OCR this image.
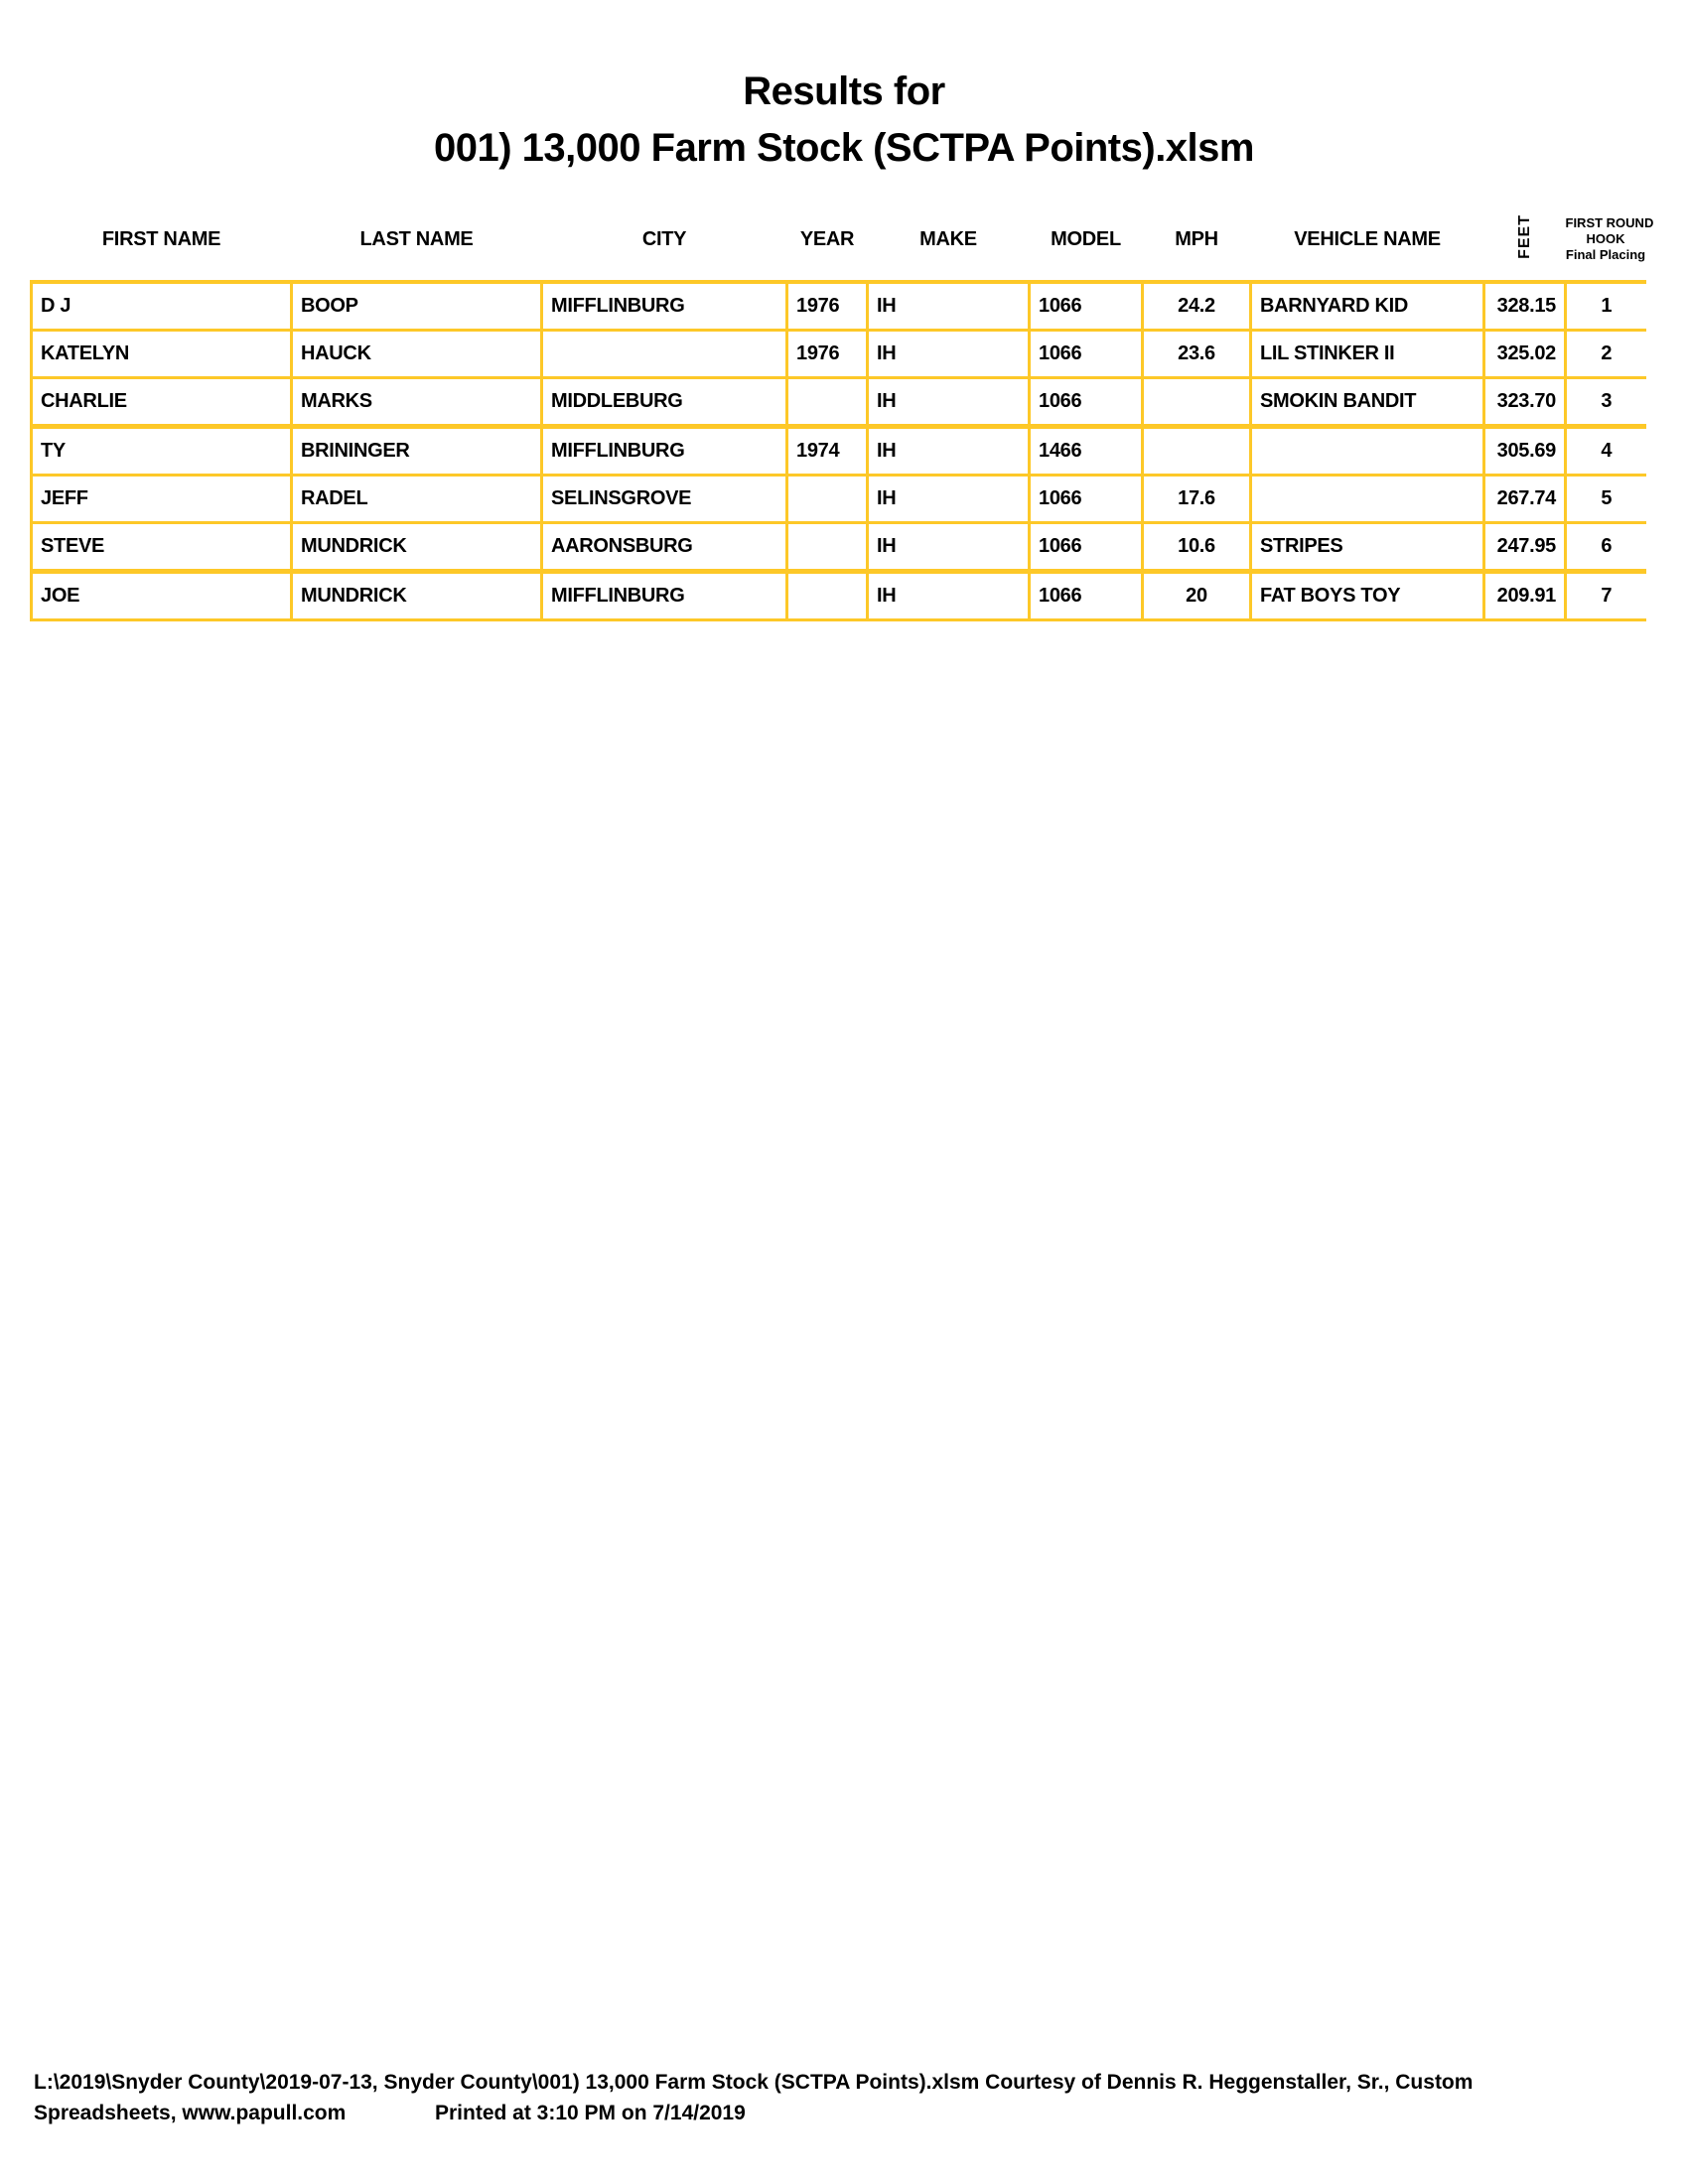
Results for
001) 13,000 Farm Stock (SCTPA Points).xlsm
FIRST NAME	LAST NAME	CITY	YEAR	MAKE	MODEL	MPH	VEHICLE NAME	FEET	FIRST ROUND
HOOK
Final Placing

D J	BOOP	MIFFLINBURG	1976	IH	1066	24.2	BARNYARD KID	328.15	1
KATELYN	HAUCK		1976	IH	1066	23.6	LIL STINKER II	325.02	2
CHARLIE	MARKS	MIDDLEBURG		IH	1066		SMOKIN BANDIT	323.70	3
TY	BRININGER	MIFFLINBURG	1974	IH	1466			305.69	4
JEFF	RADEL	SELINSGROVE		IH	1066	17.6		267.74	5
STEVE	MUNDRICK	AARONSBURG		IH	1066	10.6	STRIPES	247.95	6
JOE	MUNDRICK	MIFFLINBURG		IH	1066	20	FAT BOYS TOY	209.91	7
L:\2019\Snyder County\2019-07-13, Snyder County\001) 13,000 Farm Stock (SCTPA Points).xlsm Courtesy of Dennis R. Heggenstaller, Sr., Custom
Spreadsheets, www.papull.com	Printed at 3:10 PM on 7/14/2019
